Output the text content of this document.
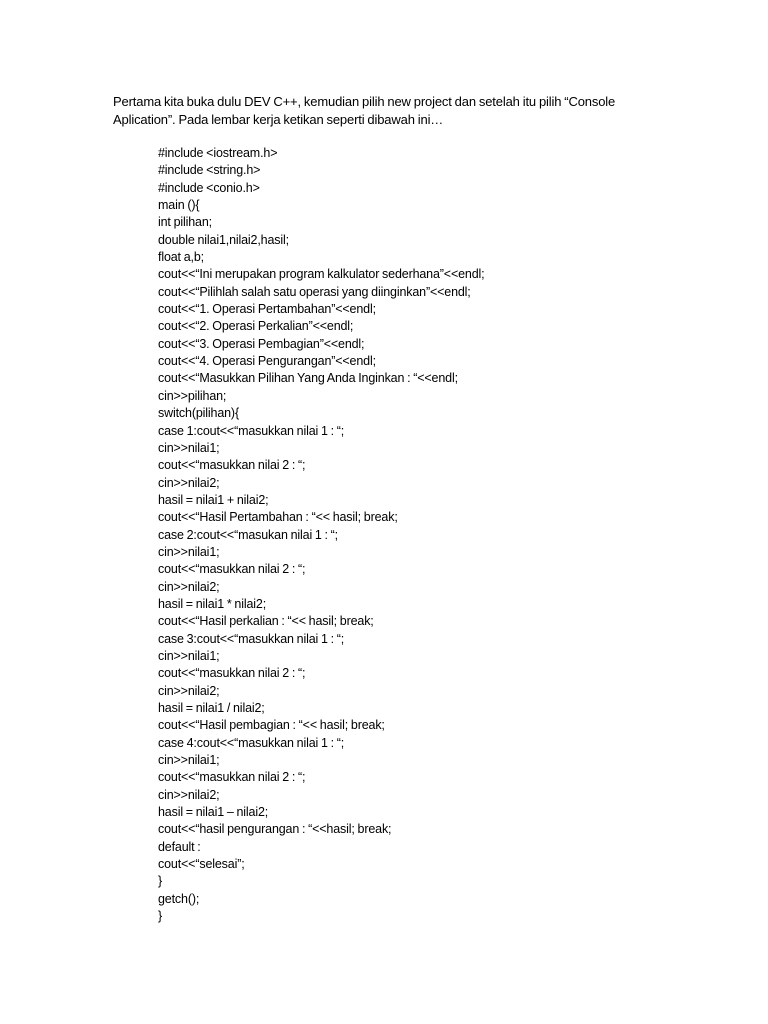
Pertama kita buka dulu DEV C++, kemudian pilih new project dan setelah itu pilih “Console Aplication”. Pada lembar kerja ketikan seperti dibawah ini…

#include <iostream.h>
#include <string.h>
#include <conio.h>
main (){
int pilihan;
double nilai1,nilai2,hasil;
float a,b;
cout<<“Ini merupakan program kalkulator sederhana”<<endl;
cout<<“Pilihlah salah satu operasi yang diinginkan”<<endl;
cout<<“1. Operasi Pertambahan”<<endl;
cout<<“2. Operasi Perkalian”<<endl;
cout<<“3. Operasi Pembagian”<<endl;
cout<<“4. Operasi Pengurangan”<<endl;
cout<<“Masukkan Pilihan Yang Anda Inginkan : “<<endl;
cin>>pilihan;
switch(pilihan){
case 1:cout<<“masukkan nilai 1 : “;
cin>>nilai1;
cout<<“masukkan nilai 2 : “;
cin>>nilai2;
hasil = nilai1 + nilai2;
cout<<“Hasil Pertambahan : “<< hasil; break;
case 2:cout<<“masukan nilai 1 : “;
cin>>nilai1;
cout<<“masukkan nilai 2 : “;
cin>>nilai2;
hasil = nilai1 * nilai2;
cout<<“Hasil perkalian : “<< hasil; break;
case 3:cout<<“masukkan nilai 1 : “;
cin>>nilai1;
cout<<“masukkan nilai 2 : “;
cin>>nilai2;
hasil = nilai1 / nilai2;
cout<<“Hasil pembagian : “<< hasil; break;
case 4:cout<<“masukkan nilai 1 : “;
cin>>nilai1;
cout<<“masukkan nilai 2 : “;
cin>>nilai2;
hasil = nilai1 – nilai2;
cout<<“hasil pengurangan : “<<hasil; break;
default :
cout<<“selesai”;
}
getch();
}
